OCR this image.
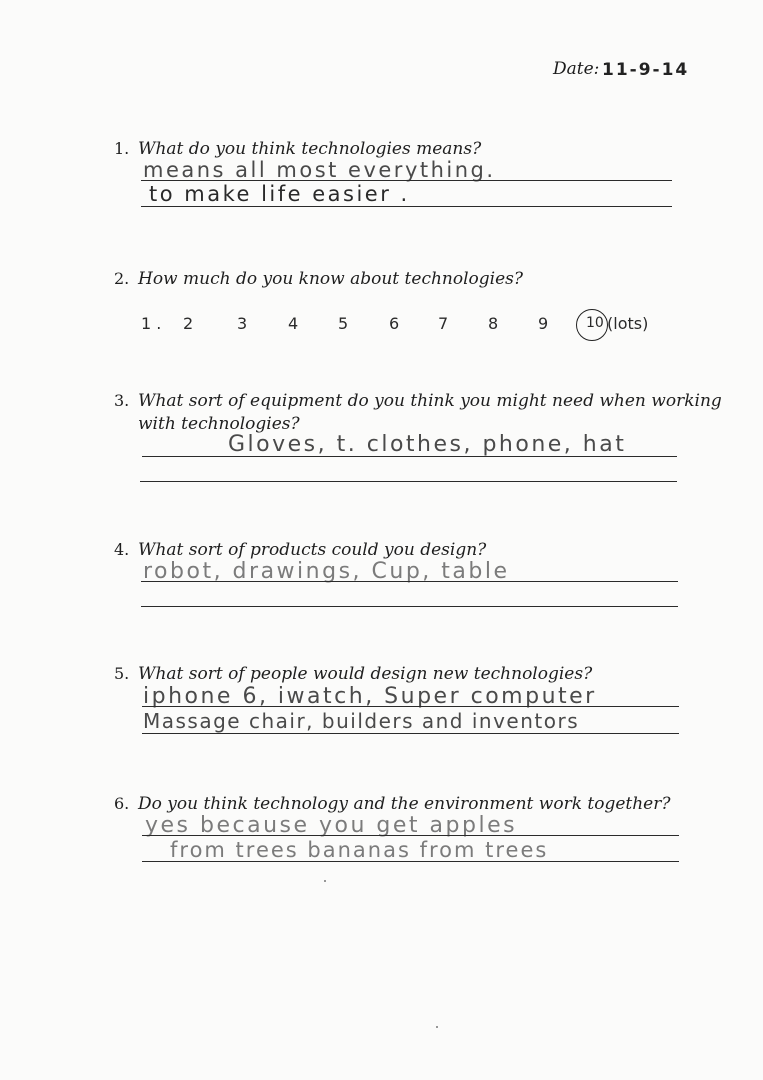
Date: 11-9-14
1. What do you think technologies means?
means all most everything.
to make life easier .
2. How much do you know about technologies?
1 . 2	3	4 5	6 7 8 9	10 (lots)
3. What sort of equipment do you think you might need when working
with technologies?
Gloves, t. clothes, phone, hat
4. What sort of products could you design?
robot, drawings, Cup, table
5. What sort of people would design new technologies?
iphone 6, iwatch, Super computer
Massage chair, builders and inventors
6. Do you think technology and the environment work together?
yes because you get apples
from trees bananas from trees
